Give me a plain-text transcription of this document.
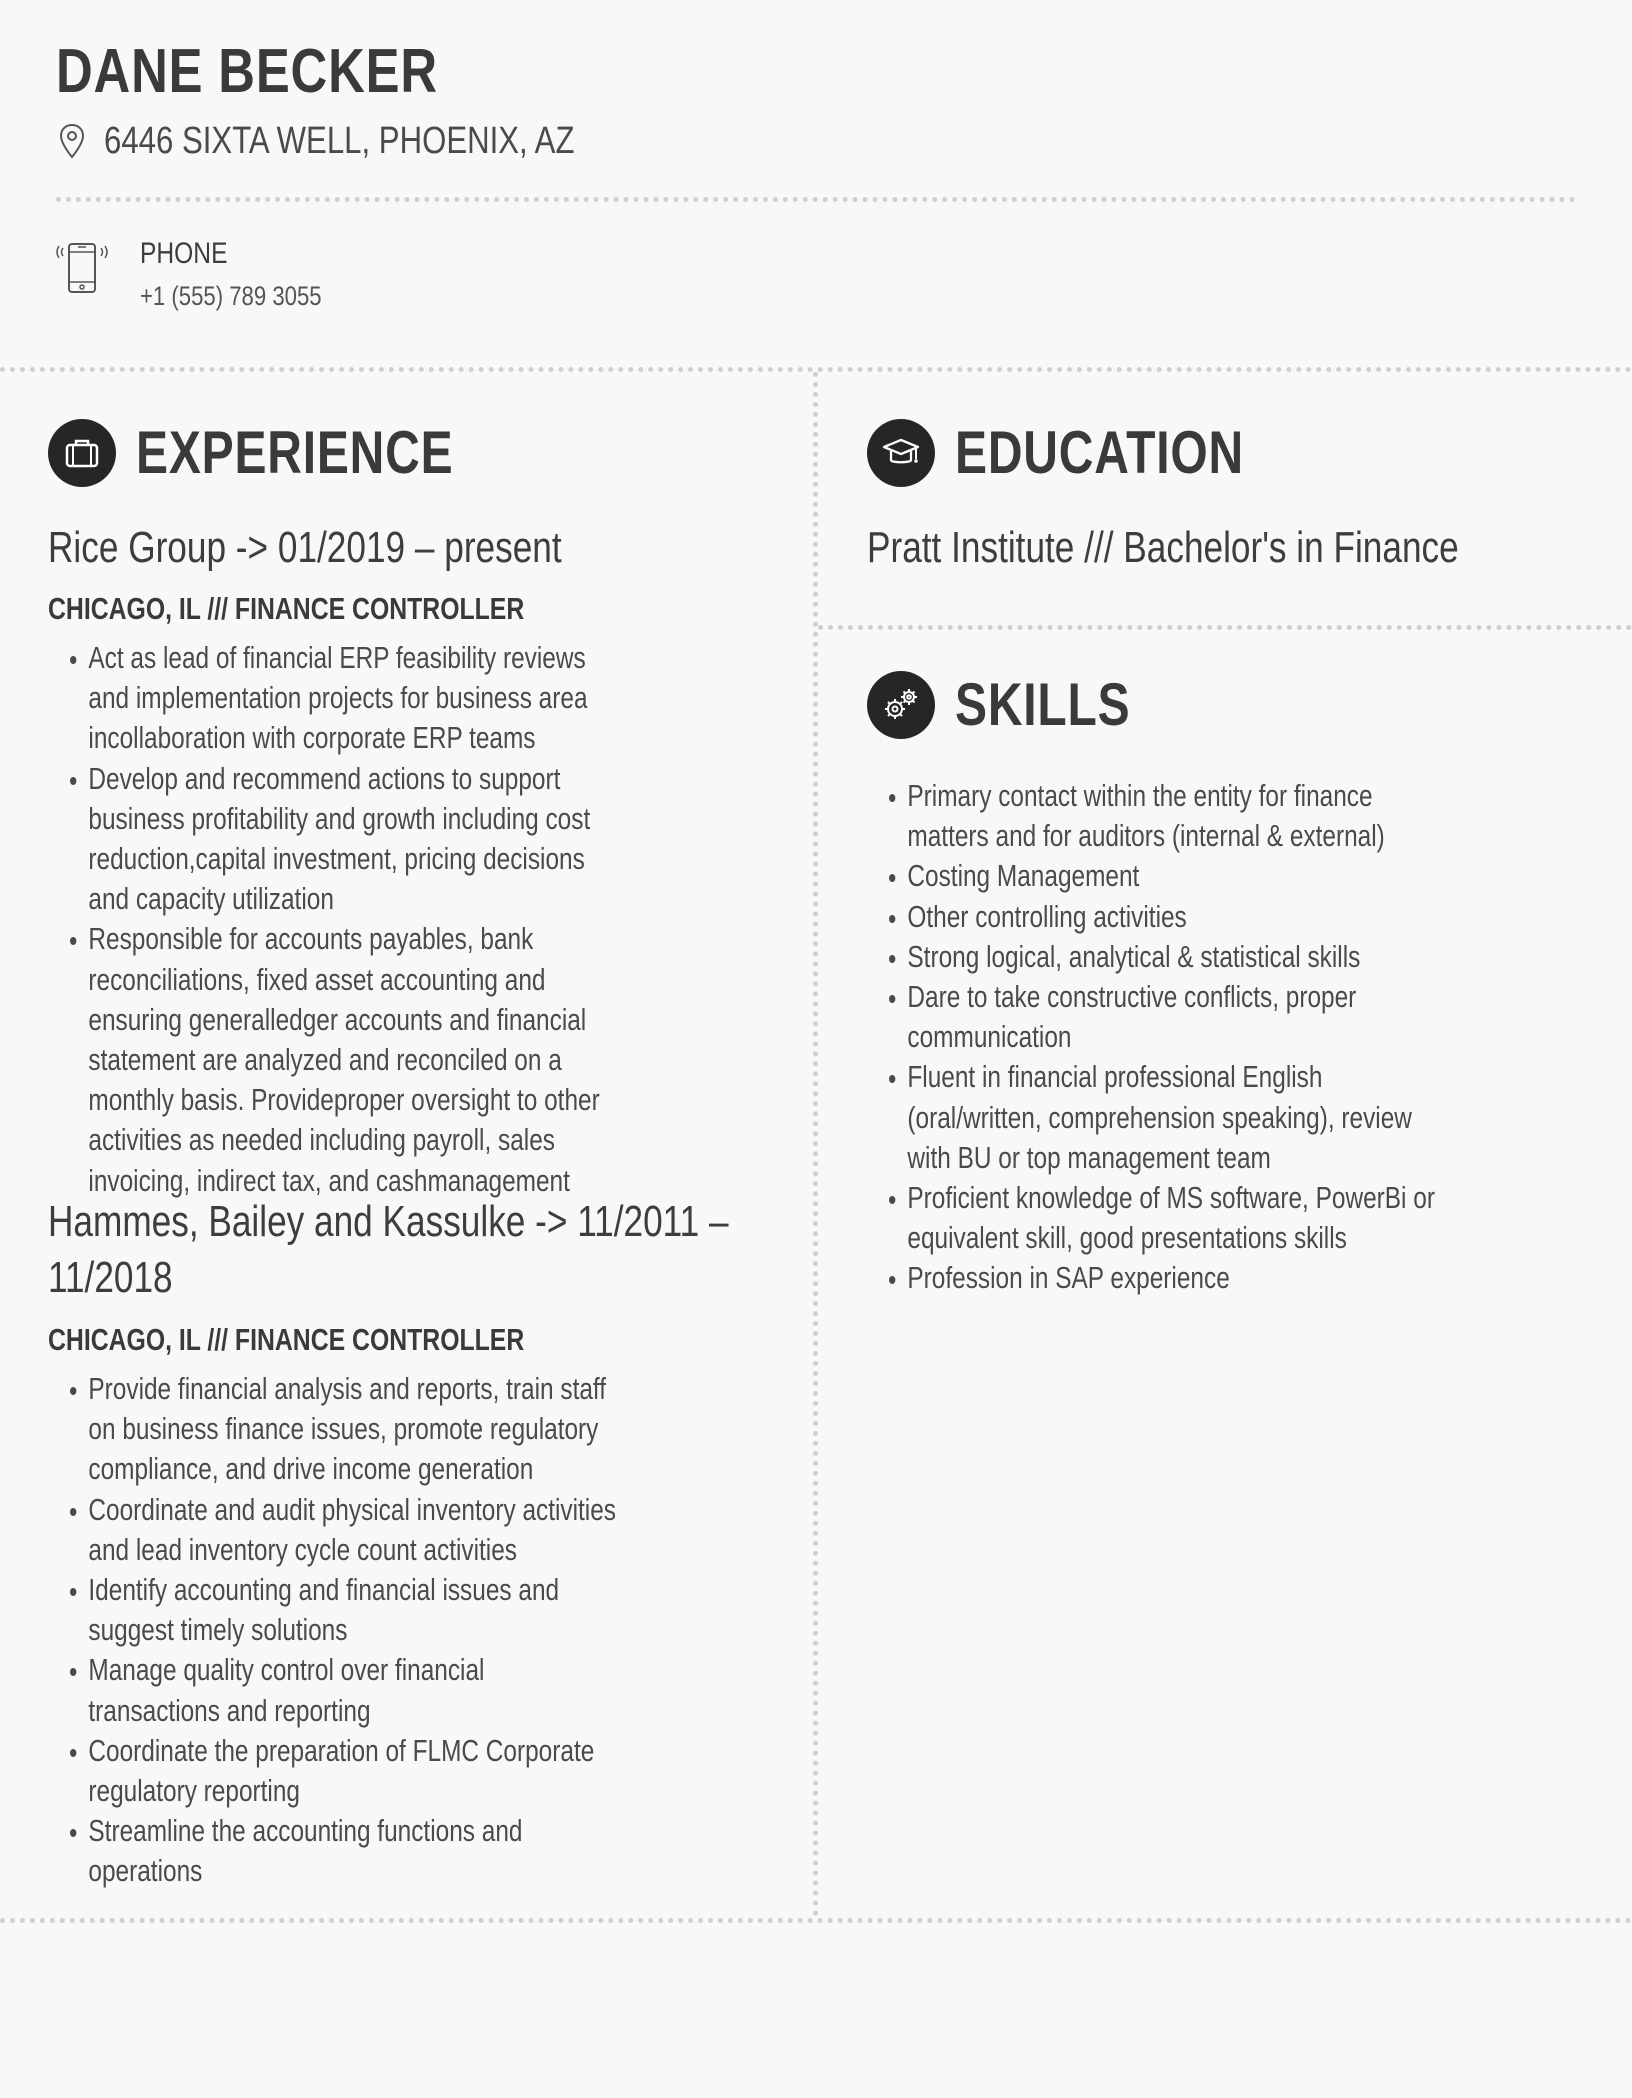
DANE BECKER
6446 SIXTA WELL, PHOENIX, AZ
PHONE
+1 (555) 789 3055
EXPERIENCE
Rice Group -> 01/2019 – present
CHICAGO, IL /// FINANCE CONTROLLER
• Act as lead of financial ERP feasibility reviews and implementation projects for business area incollaboration with corporate ERP teams
• Develop and recommend actions to support business profitability and growth including cost reduction,capital investment, pricing decisions and capacity utilization
• Responsible for accounts payables, bank reconciliations, fixed asset accounting and ensuring generalledger accounts and financial statement are analyzed and reconciled on a monthly basis. Provideproper oversight to other activities as needed including payroll, sales invoicing, indirect tax, and cashmanagement
Hammes, Bailey and Kassulke -> 11/2011 – 11/2018
CHICAGO, IL /// FINANCE CONTROLLER
• Provide financial analysis and reports, train staff on business finance issues, promote regulatory compliance, and drive income generation
• Coordinate and audit physical inventory activities and lead inventory cycle count activities
• Identify accounting and financial issues and suggest timely solutions
• Manage quality control over financial transactions and reporting
• Coordinate the preparation of FLMC Corporate regulatory reporting
• Streamline the accounting functions and operations
EDUCATION
Pratt Institute /// Bachelor's in Finance
SKILLS
• Primary contact within the entity for finance matters and for auditors (internal & external)
• Costing Management
• Other controlling activities
• Strong logical, analytical & statistical skills
• Dare to take constructive conflicts, proper communication
• Fluent in financial professional English (oral/written, comprehension speaking), review with BU or top management team
• Proficient knowledge of MS software, PowerBi or equivalent skill, good presentations skills
• Profession in SAP experience
